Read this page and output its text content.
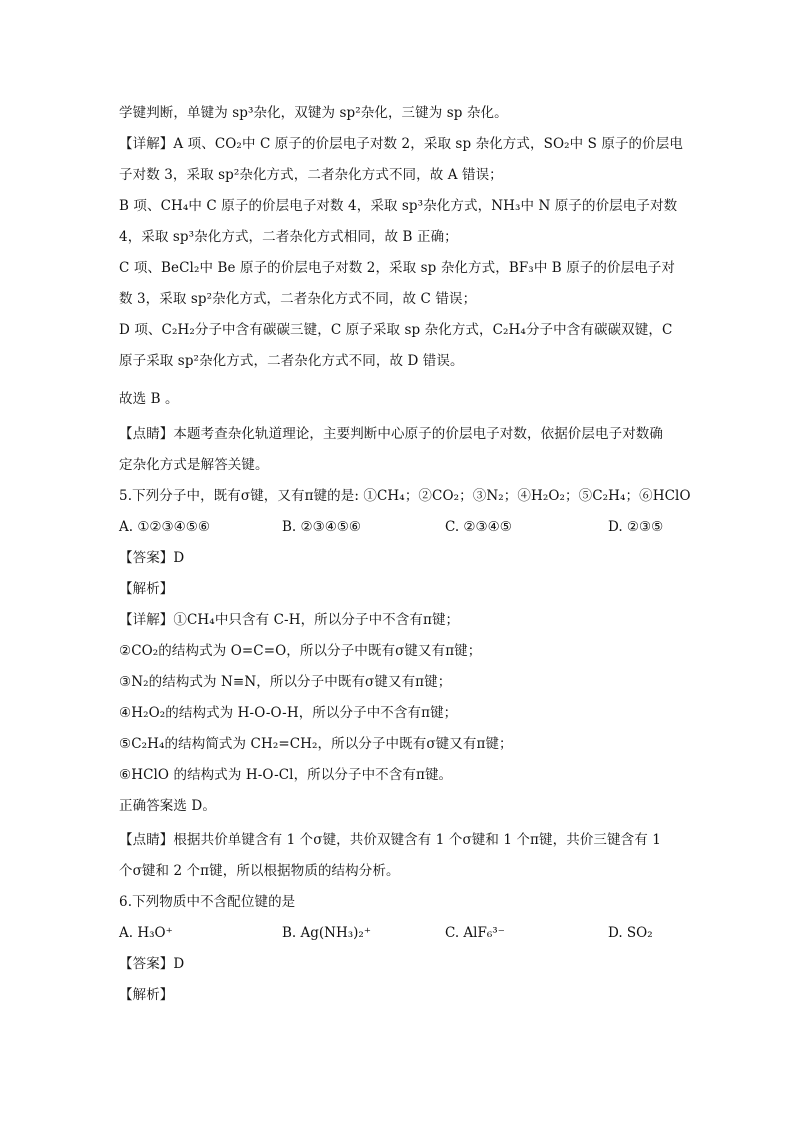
学键判断，单键为 sp³杂化，双键为 sp²杂化，三键为 sp 杂化。
【详解】A 项、CO₂中 C 原子的价层电子对数 2，采取 sp 杂化方式，SO₂中 S 原子的价层电
子对数 3，采取 sp²杂化方式，二者杂化方式不同，故 A 错误；
B 项、CH₄中 C 原子的价层电子对数 4，采取 sp³杂化方式，NH₃中 N 原子的价层电子对数
4，采取 sp³杂化方式，二者杂化方式相同，故 B 正确；
C 项、BeCl₂中 Be 原子的价层电子对数 2，采取 sp 杂化方式，BF₃中 B 原子的价层电子对
数 3，采取 sp²杂化方式，二者杂化方式不同，故 C 错误；
D 项、C₂H₂分子中含有碳碳三键，C 原子采取 sp 杂化方式，C₂H₄分子中含有碳碳双键，C
原子采取 sp²杂化方式，二者杂化方式不同，故 D 错误。
故选 B 。
【点睛】本题考查杂化轨道理论，主要判断中心原子的价层电子对数，依据价层电子对数确
定杂化方式是解答关键。
5.下列分子中，既有σ键，又有π键的是: ①CH₄；②CO₂；③N₂；④H₂O₂；⑤C₂H₄；⑥HClO
A. ①②③④⑤⑥	B. ②③④⑤⑥	C. ②③④⑤	D. ②③⑤
【答案】D
【解析】
【详解】①CH₄中只含有 C-H，所以分子中不含有π键；
②CO₂的结构式为 O=C=O，所以分子中既有σ键又有π键；
③N₂的结构式为 N≡N，所以分子中既有σ键又有π键；
④H₂O₂的结构式为 H-O-O-H，所以分子中不含有π键；
⑤C₂H₄的结构简式为 CH₂=CH₂，所以分子中既有σ键又有π键；
⑥HClO 的结构式为 H-O-Cl，所以分子中不含有π键。
正确答案选 D。
【点睛】根据共价单键含有 1 个σ键，共价双键含有 1 个σ键和 1 个π键，共价三键含有 1
个σ键和 2 个π键，所以根据物质的结构分析。
6.下列物质中不含配位键的是
A. H₃O⁺	B. Ag(NH₃)₂⁺	C. AlF₆³⁻	D. SO₂
【答案】D
【解析】
